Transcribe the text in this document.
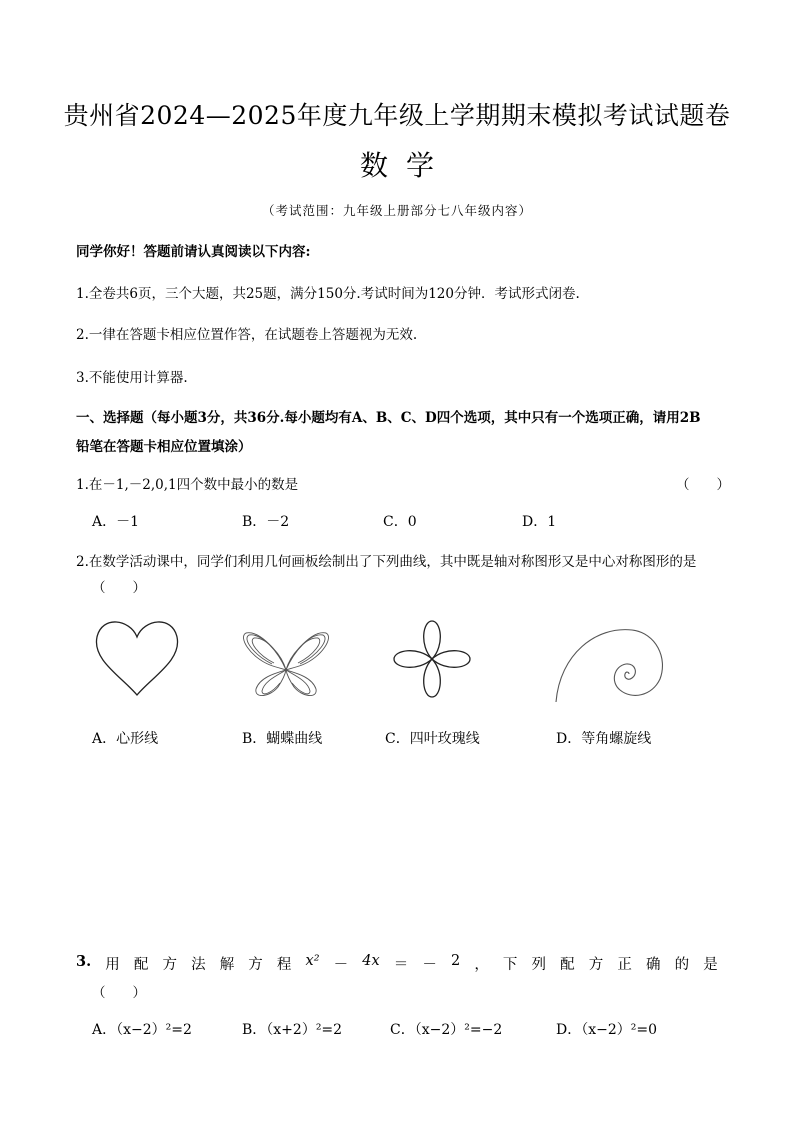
贵州省2024—2025年度九年级上学期期末模拟考试试题卷
数学
（考试范围：九年级上册部分七八年级内容）
同学你好！答题前请认真阅读以下内容:
1.全卷共6页，三个大题，共25题，满分150分.考试时间为120分钟．考试形式闭卷.
2.一律在答题卡相应位置作答，在试题卷上答题视为无效.
3.不能使用计算器.
一、选择题（每小题3分，共36分.每小题均有A、B、C、D四个选项，其中只有一个选项正确，请用2B
铅笔在答题卡相应位置填涂）
1.在－1,－2,0,1四个数中最小的数是	（　　）
A．－1	B．－2	C．0	D．1
2.在数学活动课中，同学们利用几何画板绘制出了下列曲线，其中既是轴对称图形又是中心对称图形的是
（　　）
A．心形线	B．蝴蝶曲线	C．四叶玫瑰线	D．等角螺旋线
3. 用 配 方 法 解 方 程 x² － 4x ＝ － 2 ， 下 列 配 方 正 确 的 是
（　　）
A．（x−2）²=2	B．（x+2）²=2	C．（x−2）²=−2	D．（x−2）²=0
